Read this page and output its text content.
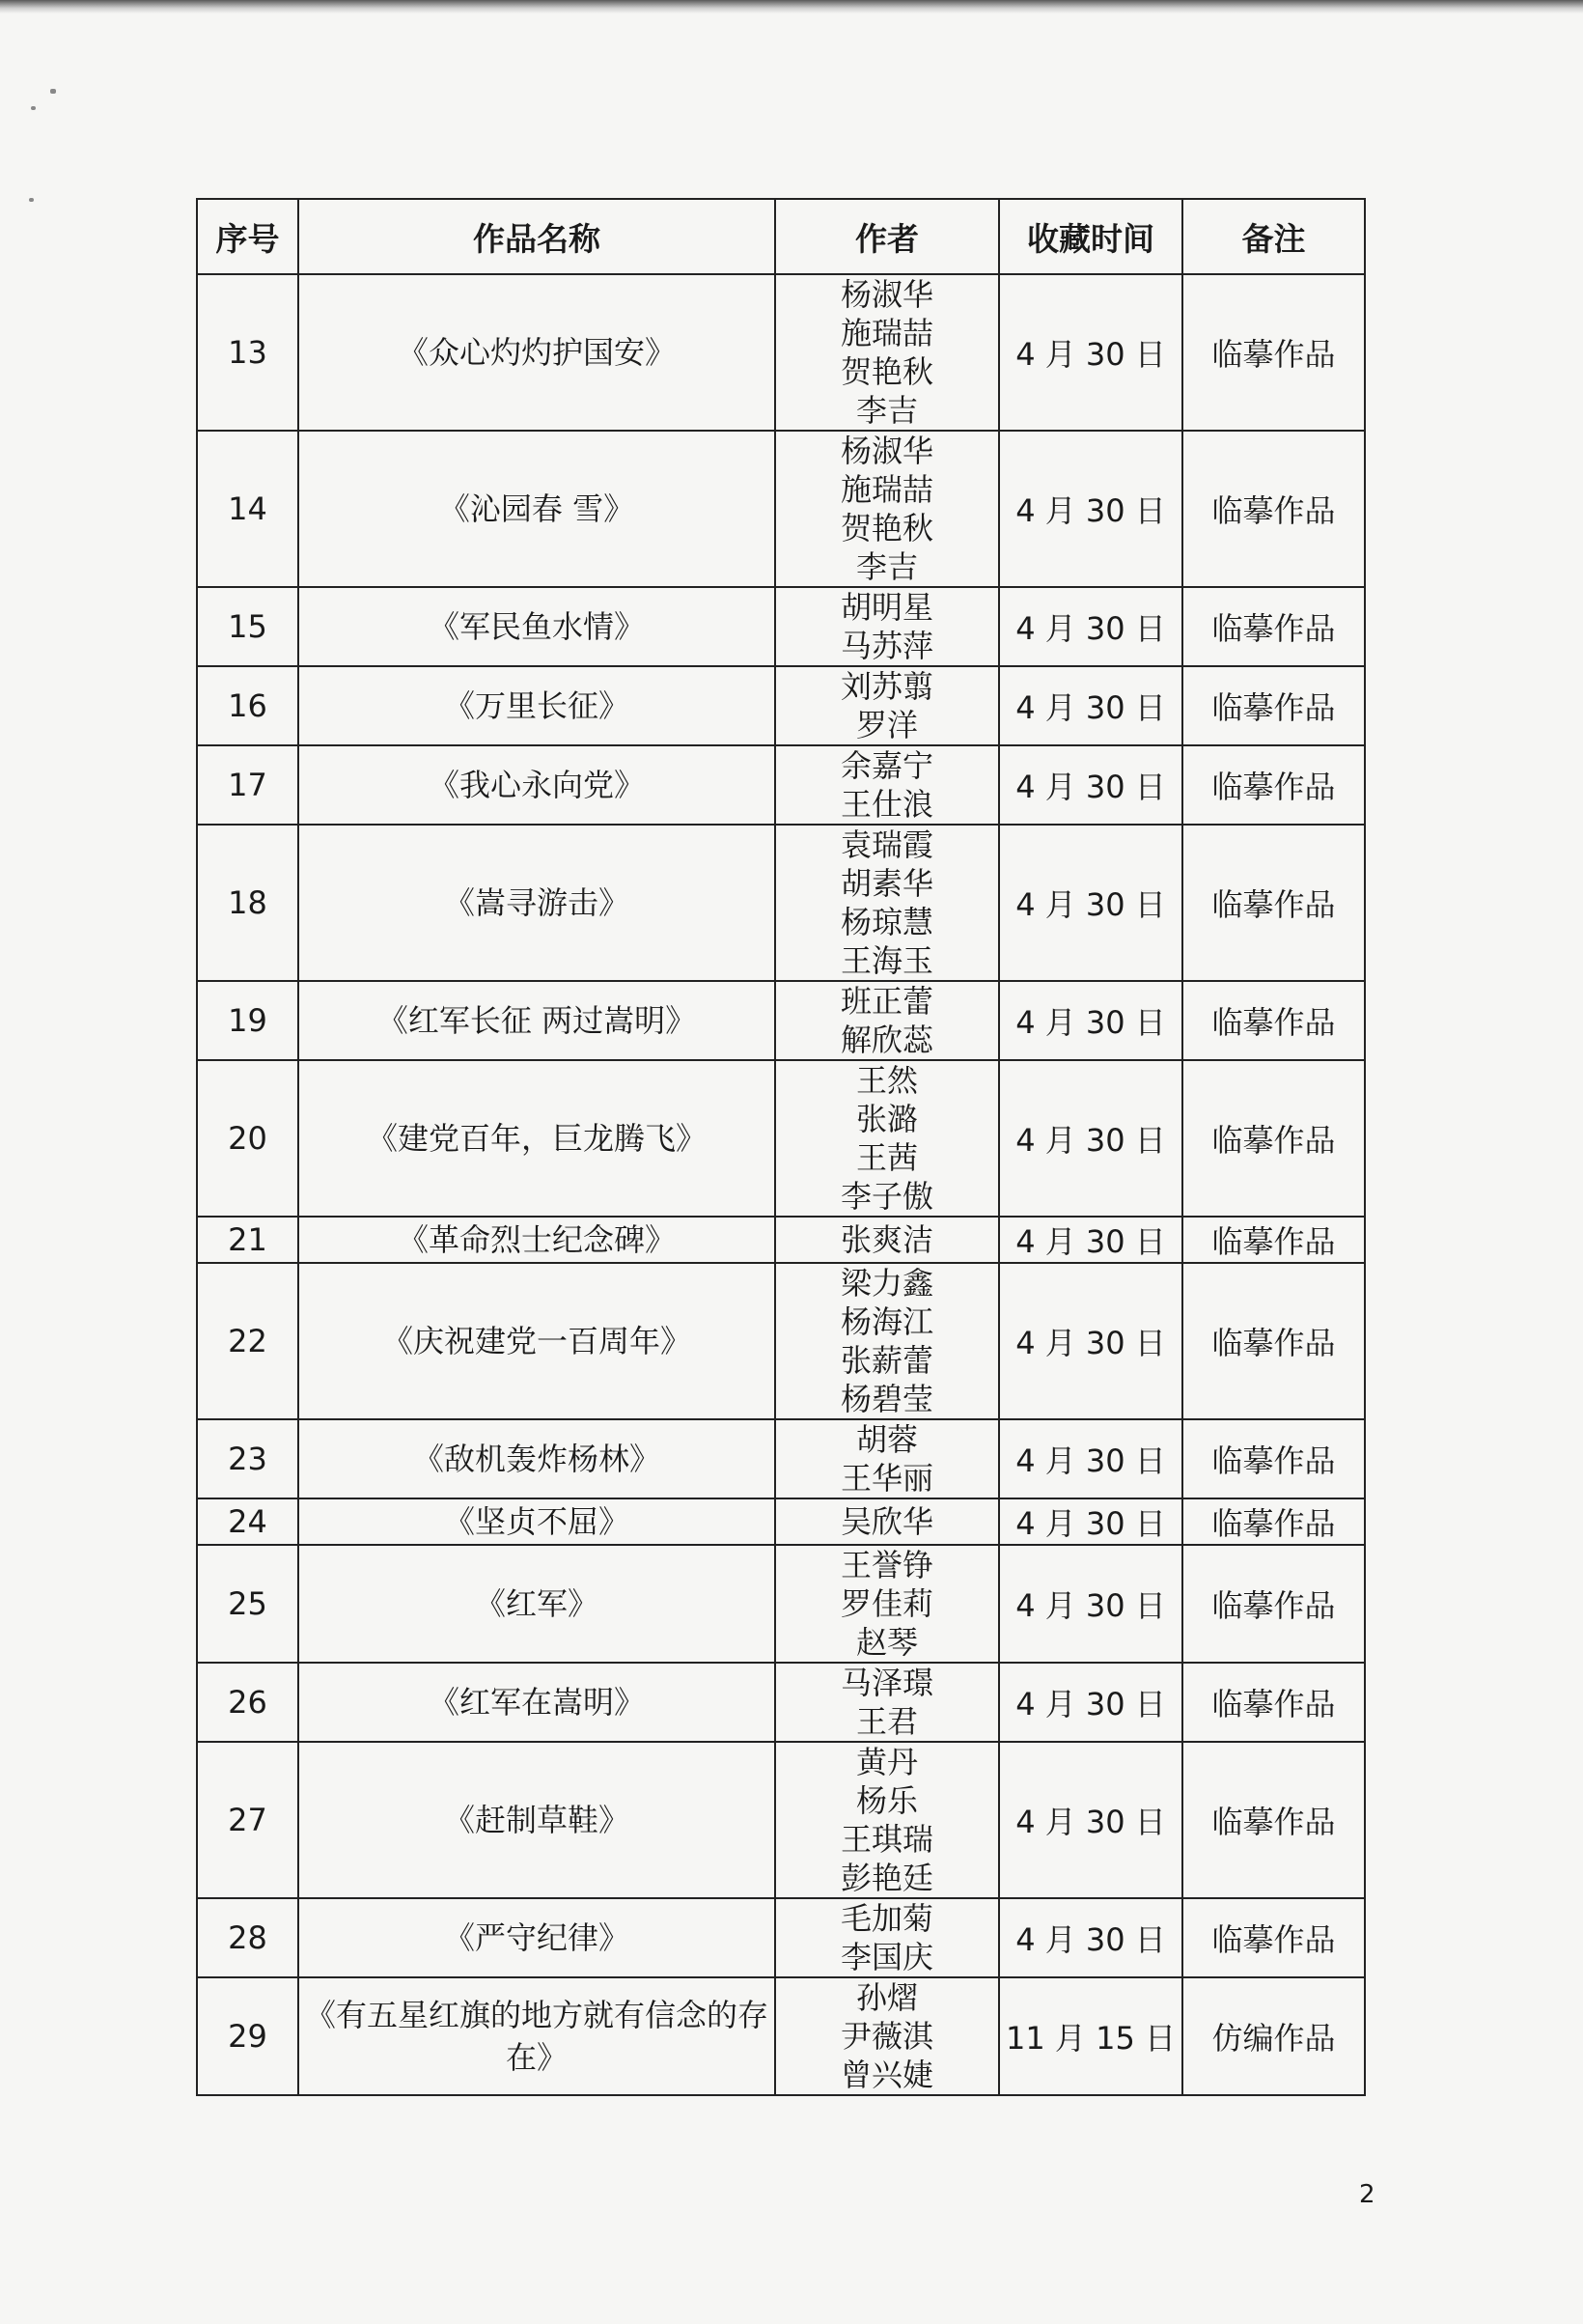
序号	作品名称	作者	收藏时间	备注
13	《众心灼灼护国安》	杨淑华
施瑞喆
贺艳秋
李吉	4 月 30 日	临摹作品
14	《沁园春 雪》	杨淑华
施瑞喆
贺艳秋
李吉	4 月 30 日	临摹作品
15	《军民鱼水情》	胡明星
马苏萍	4 月 30 日	临摹作品
16	《万里长征》	刘苏翦
罗洋	4 月 30 日	临摹作品
17	《我心永向党》	余嘉宁
王仕浪	4 月 30 日	临摹作品
18	《嵩寻游击》	袁瑞霞
胡素华
杨琼慧
王海玉	4 月 30 日	临摹作品
19	《红军长征 两过嵩明》	班正蕾
解欣蕊	4 月 30 日	临摹作品
20	《建党百年，巨龙腾飞》	王然
张潞
王茜
李子傲	4 月 30 日	临摹作品
21	《革命烈士纪念碑》	张爽洁	4 月 30 日	临摹作品
22	《庆祝建党一百周年》	梁力鑫
杨海江
张薪蕾
杨碧莹	4 月 30 日	临摹作品
23	《敌机轰炸杨林》	胡蓉
王华丽	4 月 30 日	临摹作品
24	《坚贞不屈》	吴欣华	4 月 30 日	临摹作品
25	《红军》	王誉铮
罗佳莉
赵琴	4 月 30 日	临摹作品
26	《红军在嵩明》	马泽璟
王君	4 月 30 日	临摹作品
27	《赶制草鞋》	黄丹
杨乐
王琪瑞
彭艳廷	4 月 30 日	临摹作品
28	《严守纪律》	毛加菊
李国庆	4 月 30 日	临摹作品
29	《有五星红旗的地方就有信念的存在》	孙熠
尹薇淇
曾兴婕	11 月 15 日	仿编作品
2
